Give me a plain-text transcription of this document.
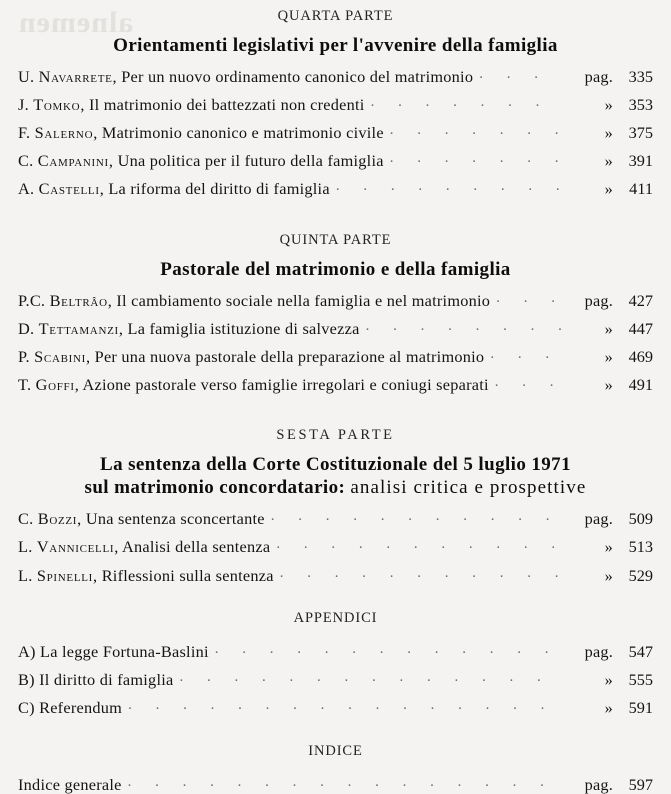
alnemen	QUARTA PARTE
Orientamenti legislativi per l'avvenire della famiglia
U. Navarrete, Per un nuovo ordinamento canonico del matrimonio . .	pag. 335
J. Tomko, Il matrimonio dei battezzati non credenti . .	» 353
F. Salerno, Matrimonio canonico e matrimonio civile . .	» 375
C. Campanini, Una politica per il futuro della famiglia . .	» 391
A. Castelli, La riforma del diritto di famiglia . .	» 411
QUINTA PARTE
Pastorale del matrimonio e della famiglia
P.C. Beltrâo, Il cambiamento sociale nella famiglia e nel matrimonio . .	pag. 427
D. Tettamanzi, La famiglia istituzione di salvezza . .	» 447
P. Scabini, Per una nuova pastorale della preparazione al matrimonio . .	» 469
T. Goffi, Azione pastorale verso famiglie irregolari e coniugi separati . .	» 491
SESTA PARTE
La sentenza della Corte Costituzionale del 5 luglio 1971
sul matrimonio concordatario: analisi critica e prospettive
C. Bozzi, Una sentenza sconcertante . .	pag. 509
L. Vannicelli, Analisi della sentenza . .	» 513
L. Spinelli, Riflessioni sulla sentenza . .	» 529
APPENDICI
A) La legge Fortuna-Baslini . .	pag. 547
B) Il diritto di famiglia . .	» 555
C) Referendum . .	» 591
INDICE
Indice generale . .	pag. 597
